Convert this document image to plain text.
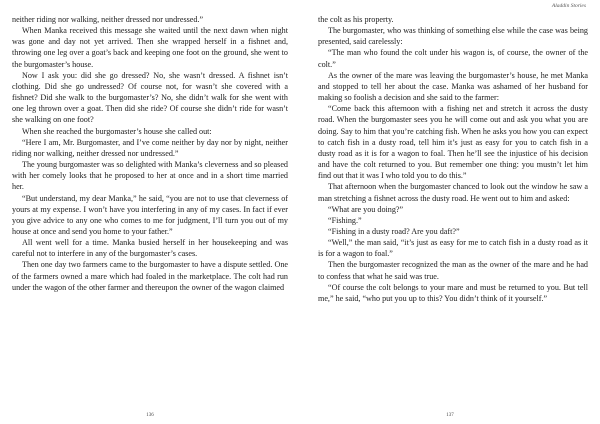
neither riding nor walking, neither dressed nor undressed.”

When Manka received this message she waited until the next dawn when night was gone and day not yet arrived. Then she wrapped herself in a fishnet and, throwing one leg over a goat’s back and keeping one foot on the ground, she went to the burgomaster’s house.

Now I ask you: did she go dressed? No, she wasn’t dressed. A fishnet isn’t clothing. Did she go undressed? Of course not, for wasn’t she covered with a fishnet? Did she walk to the burgomaster’s? No, she didn’t walk for she went with one leg thrown over a goat. Then did she ride? Of course she didn’t ride for wasn’t she walking on one foot?

When she reached the burgomaster’s house she called out:

“Here I am, Mr. Burgomaster, and I’ve come neither by day nor by night, neither riding nor walking, neither dressed nor undressed.”

The young burgomaster was so delighted with Manka’s cleverness and so pleased with her comely looks that he proposed to her at once and in a short time married her.

“But understand, my dear Manka,” he said, “you are not to use that cleverness of yours at my expense. I won’t have you interfering in any of my cases. In fact if ever you give advice to any one who comes to me for judgment, I’ll turn you out of my house at once and send you home to your father.”

All went well for a time. Manka busied herself in her housekeeping and was careful not to interfere in any of the burgomaster’s cases.

Then one day two farmers came to the burgomaster to have a dispute settled. One of the farmers owned a mare which had foaled in the marketplace. The colt had run under the wagon of the other farmer and thereupon the owner of the wagon claimed

136
Aladdin Stories

the colt as his property.

The burgomaster, who was thinking of something else while the case was being presented, said carelessly:

“The man who found the colt under his wagon is, of course, the owner of the colt.”

As the owner of the mare was leaving the burgomaster’s house, he met Manka and stopped to tell her about the case. Manka was ashamed of her husband for making so foolish a decision and she said to the farmer:

“Come back this afternoon with a fishing net and stretch it across the dusty road. When the burgomaster sees you he will come out and ask you what you are doing. Say to him that you’re catching fish. When he asks you how you can expect to catch fish in a dusty road, tell him it’s just as easy for you to catch fish in a dusty road as it is for a wagon to foal. Then he’ll see the injustice of his decision and have the colt returned to you. But remember one thing: you mustn’t let him find out that it was I who told you to do this.”

That afternoon when the burgomaster chanced to look out the window he saw a man stretching a fishnet across the dusty road. He went out to him and asked:

“What are you doing?”

“Fishing.”

“Fishing in a dusty road? Are you daft?”

“Well,” the man said, “it’s just as easy for me to catch fish in a dusty road as it is for a wagon to foal.”

Then the burgomaster recognized the man as the owner of the mare and he had to confess that what he said was true.

“Of course the colt belongs to your mare and must be returned to you. But tell me,” he said, “who put you up to this? You didn’t think of it yourself.”

137
